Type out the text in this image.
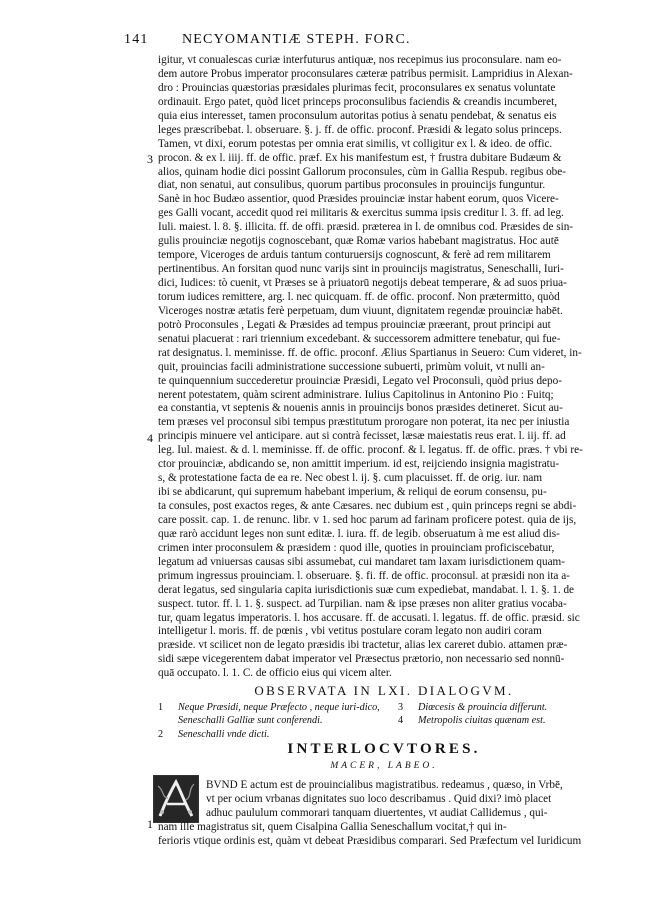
141 NECYOMANTIÆ STEPH. FORC.
igitur, vt conualescas curiæ interfuturus antiquæ, nos recepimus ius proconsulare. nam eo-
dem autore Probus imperator proconsulares cæteræ patribus permisit. Lampridius in Alexan-
dro : Prouincias quæstorias præsidales plurimas fecit, proconsulares ex senatus voluntate
ordinauit. Ergo patet, quòd licet princeps proconsulibus faciendis & creandis incumberet,
quia eius interesset, tamen proconsulum autoritas potius à senatu pendebat, & senatus eis
leges præscribebat. l. obseruare. §. j. ff. de offic. proconf. Præsidi & legato solus princeps.
Tamen, vt dixi, eorum potestas per omnia erat similis, vt colligitur ex l. & ideo. de offic.
procon. & ex l. iiij. ff. de offic. præf. Ex his manifestum est, † frustra dubitare Budæum &
alios, quinam hodie dici possint Gallorum proconsules, cùm in Gallia Respub. regibus obe-
diat, non senatui, aut consulibus, quorum partibus proconsules in prouincijs funguntur.
Sanè in hoc Budæo assentior, quod Præsides prouinciæ instar habent eorum, quos Vicere-
ges Galli vocant, accedit quod rei militaris & exercitus summa ipsis creditur l. 3. ff. ad leg.
Iuli. maiest. l. 8. §. illicita. ff. de offi. præsid. præterea in l. de omnibus cod. Præsides de sin-
gulis prouinciæ negotijs cognoscebant, quæ Romæ varios habebant magistratus. Hoc autē
tempore, Viceroges de arduis tantum conturuersijs cognoscunt, & ferè ad rem militarem
pertinentibus. An forsitan quod nunc varijs sint in prouincijs magistratus, Seneschalli, Iuri-
dici, Iudices: tò cuenit, vt Præses se à priuatorū negotijs debeat temperare, & ad suos priua-
torum iudices remittere, arg. l. nec quicquam. ff. de offic. proconf. Non prætermitto, quòd
Viceroges nostræ ætatis ferè perpetuam, dum viuunt, dignitatem regendæ prouinciæ habēt.
potrò Proconsules , Legati & Præsides ad tempus prouinciæ præerant, prout principi aut
senatui placuerat : rari triennium excedebant. & successorem admittere tenebatur, qui fue-
rat designatus. l. meminisse. ff. de offic. proconf. Ælius Spartianus in Seuero: Cum videret, in-
quit, prouincias facili administratione successione subuerti, primùm voluit, vt nulli an-
te quinquennium succederetur prouinciæ Præsidi, Legato vel Proconsuli, quòd prius depo-
nerent potestatem, quàm scirent administrare. Iulius Capitolinus in Antonino Pio : Fuitq;
ea constantia, vt septenis & nouenis annis in prouincijs bonos præsides detineret. Sicut au-
tem præses vel proconsul sibi tempus præstitutum prorogare non poterat, ita nec per iniustia
principis minuere vel anticipare. aut si contrà fecisset, læsæ maiestatis reus erat. l. iij. ff. ad
leg. Iul. maiest. & d. l. meminisse. ff. de offic. proconf. & l. legatus. ff. de offic. præs. † vbi re-
ctor prouinciæ, abdicando se, non amittit imperium. id est, reijciendo insignia magistratu-
s, & protestatione facta de ea re. Nec obest l. ij. §. cum placuisset. ff. de orig. iur. nam
ibi se abdicarunt, qui supremum habebant imperium, & reliqui de eorum consensu, pu-
ta consules, post exactos reges, & ante Cæsares. nec dubium est , quin princeps regni se abdi-
care possit. cap. 1. de renunc. libr. v 1. sed hoc parum ad farinam proficere potest. quia de ijs,
quæ rarò accidunt leges non sunt editæ. l. iura. ff. de legib. obseruatum à me est aliud dis-
crimen inter proconsulem & præsidem : quod ille, quoties in prouinciam proficiscebatur,
legatum ad vniuersas causas sibi assumebat, cui mandaret tam laxam iurisdictionem quam-
primum ingressus prouinciam. l. obseruare. §. fi. ff. de offic. proconsul. at præsidi non ita a-
derat legatus, sed singularia capita iurisdictionis suæ cum expediebat, mandabat. l. 1. §. 1. de
suspect. tutor. ff. l. 1. §. suspect. ad Turpilian. nam & ipse præses non aliter gratius vocaba-
tur, quam legatus imperatoris. l. hos accusare. ff. de accusati. l. legatus. ff. de offic. præsid. sic
intelligetur l. moris. ff. de pœnis , vbi vetitus postulare coram legato non audiri coram
præside. vt scilicet non de legato præsidis ibi tractetur, alias lex careret dubio. attamen præ-
sidi sæpe vicegerentem dabat imperator vel Præsectus prætorio, non necessario sed nonnū-
quā occupato. l. 1. C. de officio eius qui vicem alter.
3
4
OBSERVATA IN LXI. DIALOGVM.
1 Neque Præsidi, neque Præfecto , neque iuri-dico, Seneschalli Galliæ sunt conferendi.
2 Seneschalli vnde dicti.
3 Diœcesis & prouincia differunt.
4 Metropolis ciuitas quænam est.
INTERLOCVTORES.
MACER, LABEO.
1
BVND E actum est de prouincialibus magistratibus. redeamus , quæso, in Vrbē,
vt per ocium vrbanas dignitates suo loco describamus . Quid dixi? imò placet
adhuc paululum commorari tanquam diuertentes, vt audiat Callidemus , qui-
nam ille magistratus sit, quem Cisalpina Gallia Seneschallum vocitat,† qui in-
ferioris vtique ordinis est, quàm vt debeat Præsidibus comparari. Sed Præfectum vel Iuridicum
